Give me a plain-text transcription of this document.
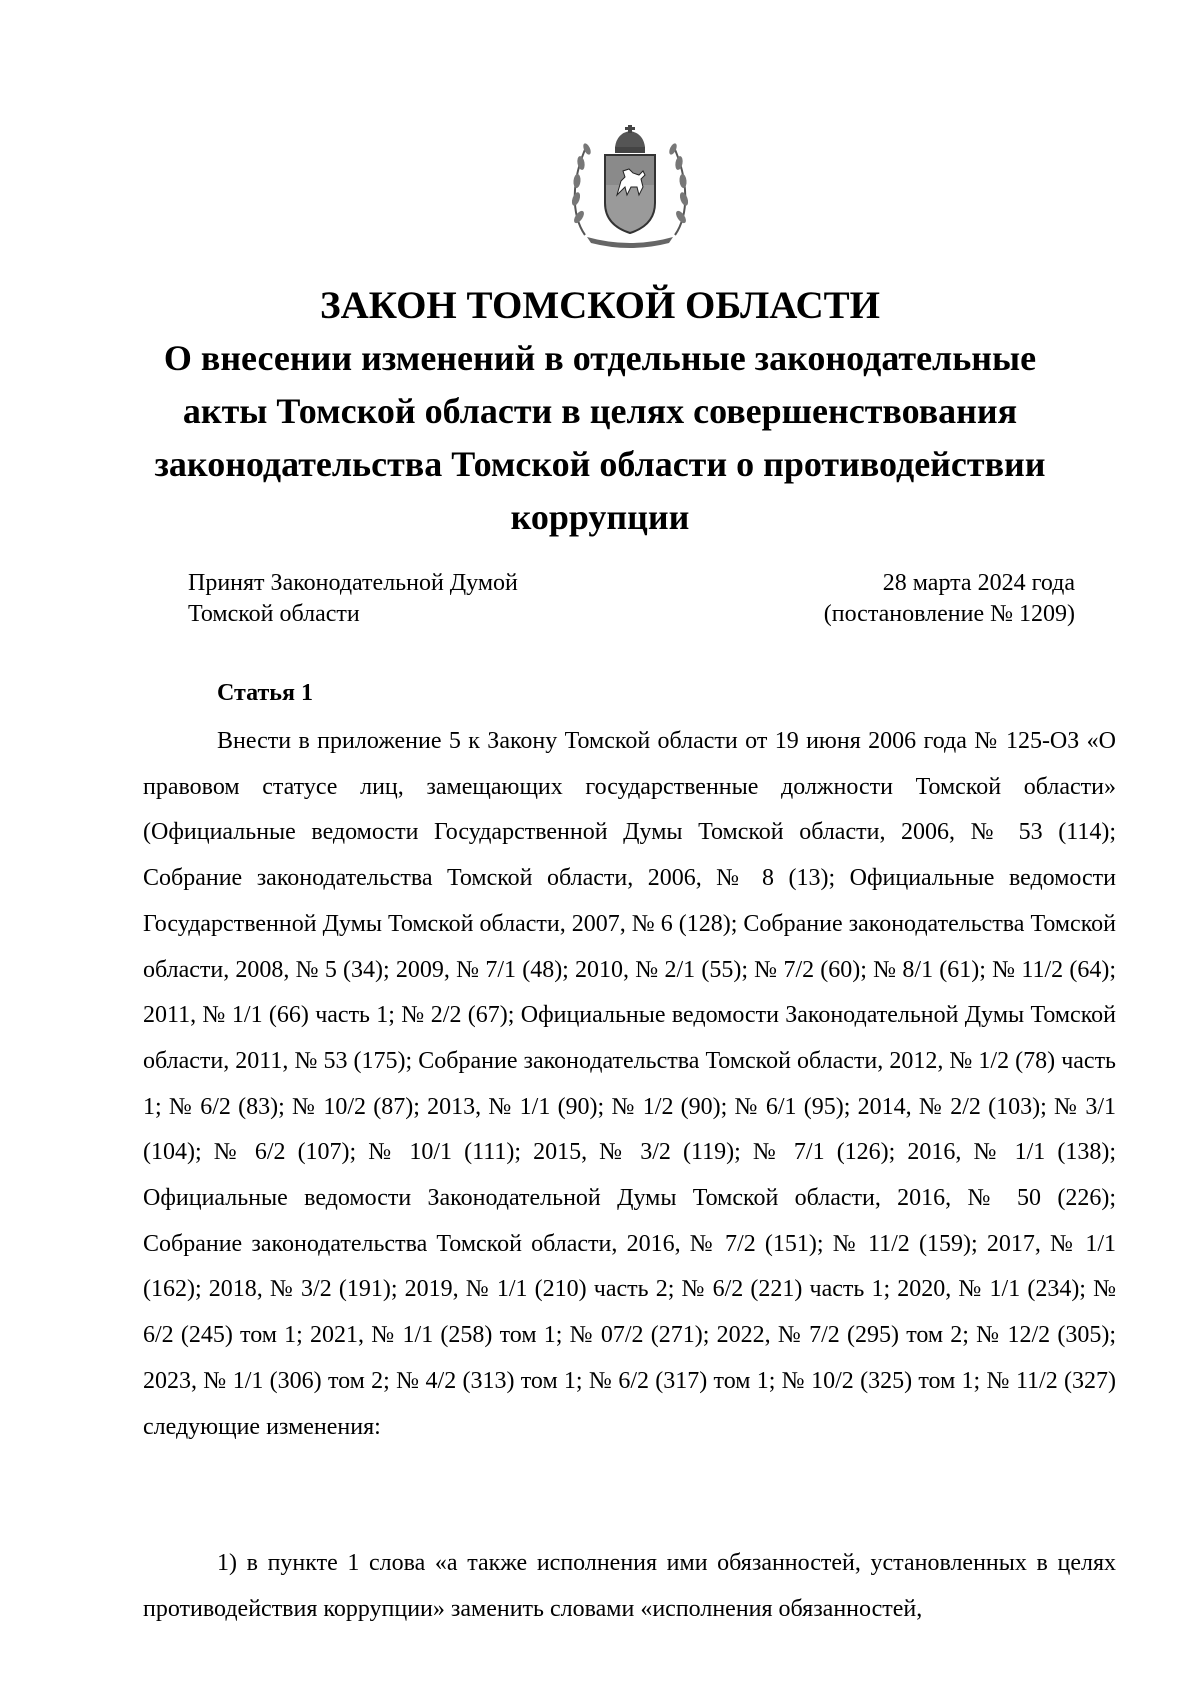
ЗАКОН ТОМСКОЙ ОБЛАСТИ
О внесении изменений в отдельные законодательные
акты Томской области в целях совершенствования
законодательства Томской области о противодействии
коррупции
Принят Законодательной Думой
Томской области
28 марта 2024 года
(постановление № 1209)
Статья 1

Внести в приложение 5 к Закону Томской области от 19 июня 2006 года № 125-ОЗ «О правовом статусе лиц, замещающих государственные должности Томской области» (Официальные ведомости Государственной Думы Томской области, 2006, № 53 (114); Собрание законодательства Томской области, 2006, № 8 (13); Официальные ведомости Государственной Думы Томской области, 2007, № 6 (128); Собрание законодательства Томской области, 2008, № 5 (34); 2009, № 7/1 (48); 2010, № 2/1 (55); № 7/2 (60); № 8/1 (61); № 11/2 (64); 2011, № 1/1 (66) часть 1; № 2/2 (67); Официальные ведомости Законодательной Думы Томской области, 2011, № 53 (175); Собрание законодательства Томской области, 2012, № 1/2 (78) часть 1; № 6/2 (83); № 10/2 (87); 2013, № 1/1 (90); № 1/2 (90); № 6/1 (95); 2014, № 2/2 (103); № 3/1 (104); № 6/2 (107); № 10/1 (111); 2015, № 3/2 (119); № 7/1 (126); 2016, № 1/1 (138); Официальные ведомости Законодательной Думы Томской области, 2016, № 50 (226); Собрание законодательства Томской области, 2016, № 7/2 (151); № 11/2 (159); 2017, № 1/1 (162); 2018, № 3/2 (191); 2019, № 1/1 (210) часть 2; № 6/2 (221) часть 1; 2020, № 1/1 (234); № 6/2 (245) том 1; 2021, № 1/1 (258) том 1; № 07/2 (271); 2022, № 7/2 (295) том 2; № 12/2 (305); 2023, № 1/1 (306) том 2; № 4/2 (313) том 1; № 6/2 (317) том 1; № 10/2 (325) том 1; № 11/2 (327) следующие изменения:

1) в пункте 1 слова «а также исполнения ими обязанностей, установленных в целях противодействия коррупции» заменить словами «исполнения обязанностей,
